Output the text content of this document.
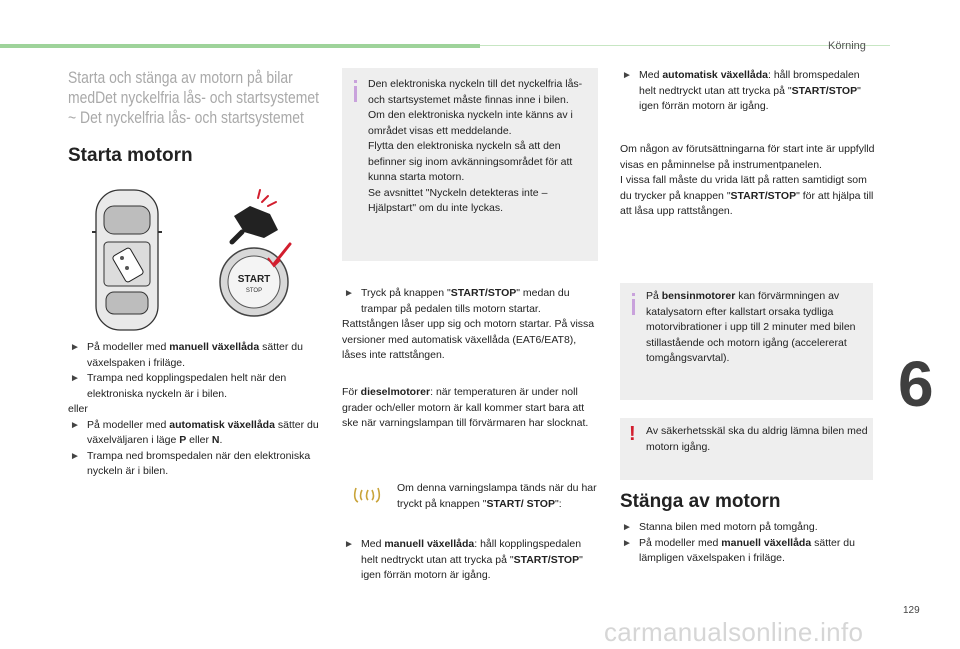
Körning
6
Starta och stänga av motorn på bilar
medDet nyckelfria lås- och startsystemet
~ Det nyckelfria lås- och startsystemet
Starta motorn
START
STOP

► På modeller med manuell växellåda sätter du växelspaken i friläge.

► Trampa ned kopplingspedalen helt när den elektroniska nyckeln är i bilen.

eller

► På modeller med automatisk växellåda sätter du växelväljaren i läge P eller N.

► Trampa ned bromspedalen när den elektroniska nyckeln är i bilen.

Den elektroniska nyckeln till det nyckelfria lås- och startsystemet måste finnas inne i bilen.
Om den elektroniska nyckeln inte känns av i området visas ett meddelande.
Flytta den elektroniska nyckeln så att den befinner sig inom avkänningsområdet för att kunna starta motorn.
Se avsnittet "Nyckeln detekteras inte – Hjälpstart" om du inte lyckas.

► Tryck på knappen "START/STOP" medan du trampar på pedalen tills motorn startar.

Rattstången låser upp sig och motorn startar. På vissa versioner med automatisk växellåda (EAT6/EAT8), låses inte rattstången.

För dieselmotorer: när temperaturen är under noll grader och/eller motorn är kall kommer start bara att ske när varningslampan till förvärmaren har slocknat.

Om denna varningslampa tänds när du har tryckt på knappen "START/ STOP":

► Med manuell växellåda: håll kopplingspedalen helt nedtryckt utan att trycka på "START/STOP" igen förrän motorn är igång.

► Med automatisk växellåda: håll bromspedalen helt nedtryckt utan att trycka på "START/STOP" igen förrän motorn är igång.

Om någon av förutsättningarna för start inte är uppfylld visas en påminnelse på instrumentpanelen.

I vissa fall måste du vrida lätt på ratten samtidigt som du trycker på knappen "START/STOP" för att hjälpa till att låsa upp rattstången.

På bensinmotorer kan förvärmningen av katalysatorn efter kallstart orsaka tydliga motorvibrationer i upp till 2 minuter med bilen stillastående och motorn igång (accelererat tomgångsvarvtal).

! Av säkerhetsskäl ska du aldrig lämna bilen med motorn igång.
Stänga av motorn

► Stanna bilen med motorn på tomgång.

► På modeller med manuell växellåda sätter du lämpligen växelspaken i friläge.

129
carmanualsonline.info
